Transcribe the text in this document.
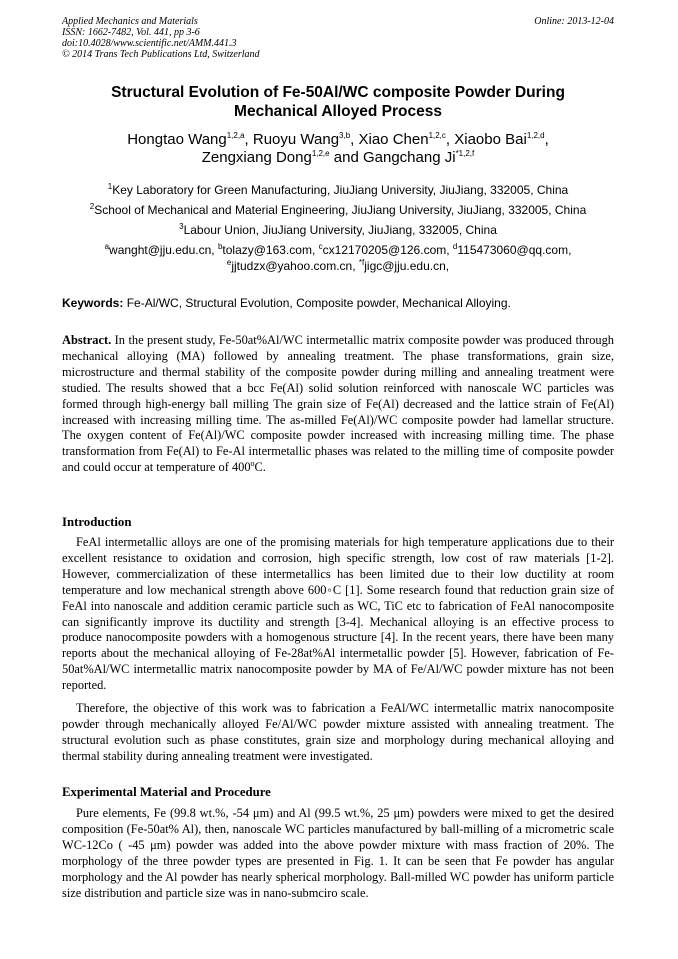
Applied Mechanics and Materials	Online: 2013-12-04
ISSN: 1662-7482, Vol. 441, pp 3-6
doi:10.4028/www.scientific.net/AMM.441.3
© 2014 Trans Tech Publications Ltd, Switzerland
Structural Evolution of Fe-50Al/WC composite Powder During
Mechanical Alloyed Process
Hongtao Wang$^{1,2,a}$, Ruoyu Wang$^{3,b}$, Xiao Chen$^{1,2,c}$, Xiaobo Bai$^{1,2,d}$,
Zengxiang Dong$^{1,2,e}$ and Gangchang Ji$^{*1,2,f}$
$^1$Key Laboratory for Green Manufacturing, JiuJiang University, JiuJiang, 332005, China
$^2$School of Mechanical and Material Engineering, JiuJiang University, JiuJiang, 332005, China
$^3$Labour Union, JiuJiang University, JiuJiang, 332005, China
$^a$wanght@jju.edu.cn, $^b$tolazy@163.com, $^c$cx12170205@126.com, $^d$115473060@qq.com,
$^e$jjtudzx@yahoo.com.cn, $^{*f}$jigc@jju.edu.cn,
Keywords: Fe-Al/WC, Structural Evolution, Composite powder, Mechanical Alloying.
Abstract. In the present study, Fe-50at%Al/WC intermetallic matrix composite powder was produced through mechanical alloying (MA) followed by annealing treatment. The phase transformations, grain size, microstructure and thermal stability of the composite powder during milling and annealing treatment were studied. The results showed that a bcc Fe(Al) solid solution reinforced with nanoscale WC particles was formed through high-energy ball milling The grain size of Fe(Al) decreased and the lattice strain of Fe(Al) increased with increasing milling time. The as-milled Fe(Al)/WC composite powder had lamellar structure. The oxygen content of Fe(Al)/WC composite powder increased with increasing milling time. The phase transformation from Fe(Al) to Fe-Al intermetallic phases was related to the milling time of composite powder and could occur at temperature of 400$^o$C.
Introduction
FeAl intermetallic alloys are one of the promising materials for high temperature applications due to their excellent resistance to oxidation and corrosion, high specific strength, low cost of raw materials [1-2]. However, commercialization of these intermetallics has been limited due to their low ductility at room temperature and low mechanical strength above 600◦C [1]. Some research found that reduction grain size of FeAl into nanoscale and addition ceramic particle such as WC, TiC etc to fabrication of FeAl nanocomposite can significantly improve its ductility and strength [3-4]. Mechanical alloying is an effective process to produce nanocomposite powders with a homogenous structure [4]. In the recent years, there have been many reports about the mechanical alloying of Fe-28at%Al intermetallic powder [5]. However, fabrication of Fe-50at%Al/WC intermetallic matrix nanocomposite powder by MA of Fe/Al/WC powder mixture has not been reported.
Therefore, the objective of this work was to fabrication a FeAl/WC intermetallic matrix nanocomposite powder through mechanically alloyed Fe/Al/WC powder mixture assisted with annealing treatment. The structural evolution such as phase constitutes, grain size and morphology during mechanical alloying and thermal stability during annealing treatment were investigated.
Experimental Material and Procedure
Pure elements, Fe (99.8 wt.%, -54 μm) and Al (99.5 wt.%, 25 μm) powders were mixed to get the desired composition (Fe-50at% Al), then, nanoscale WC particles manufactured by ball-milling of a micrometric scale WC-12Co ( -45 μm) powder was added into the above powder mixture with mass fraction of 20%. The morphology of the three powder types are presented in Fig. 1. It can be seen that Fe powder has angular morphology and the Al powder has nearly spherical morphology. Ball-milled WC powder has uniform particle size distribution and particle size was in nano-submciro scale.
